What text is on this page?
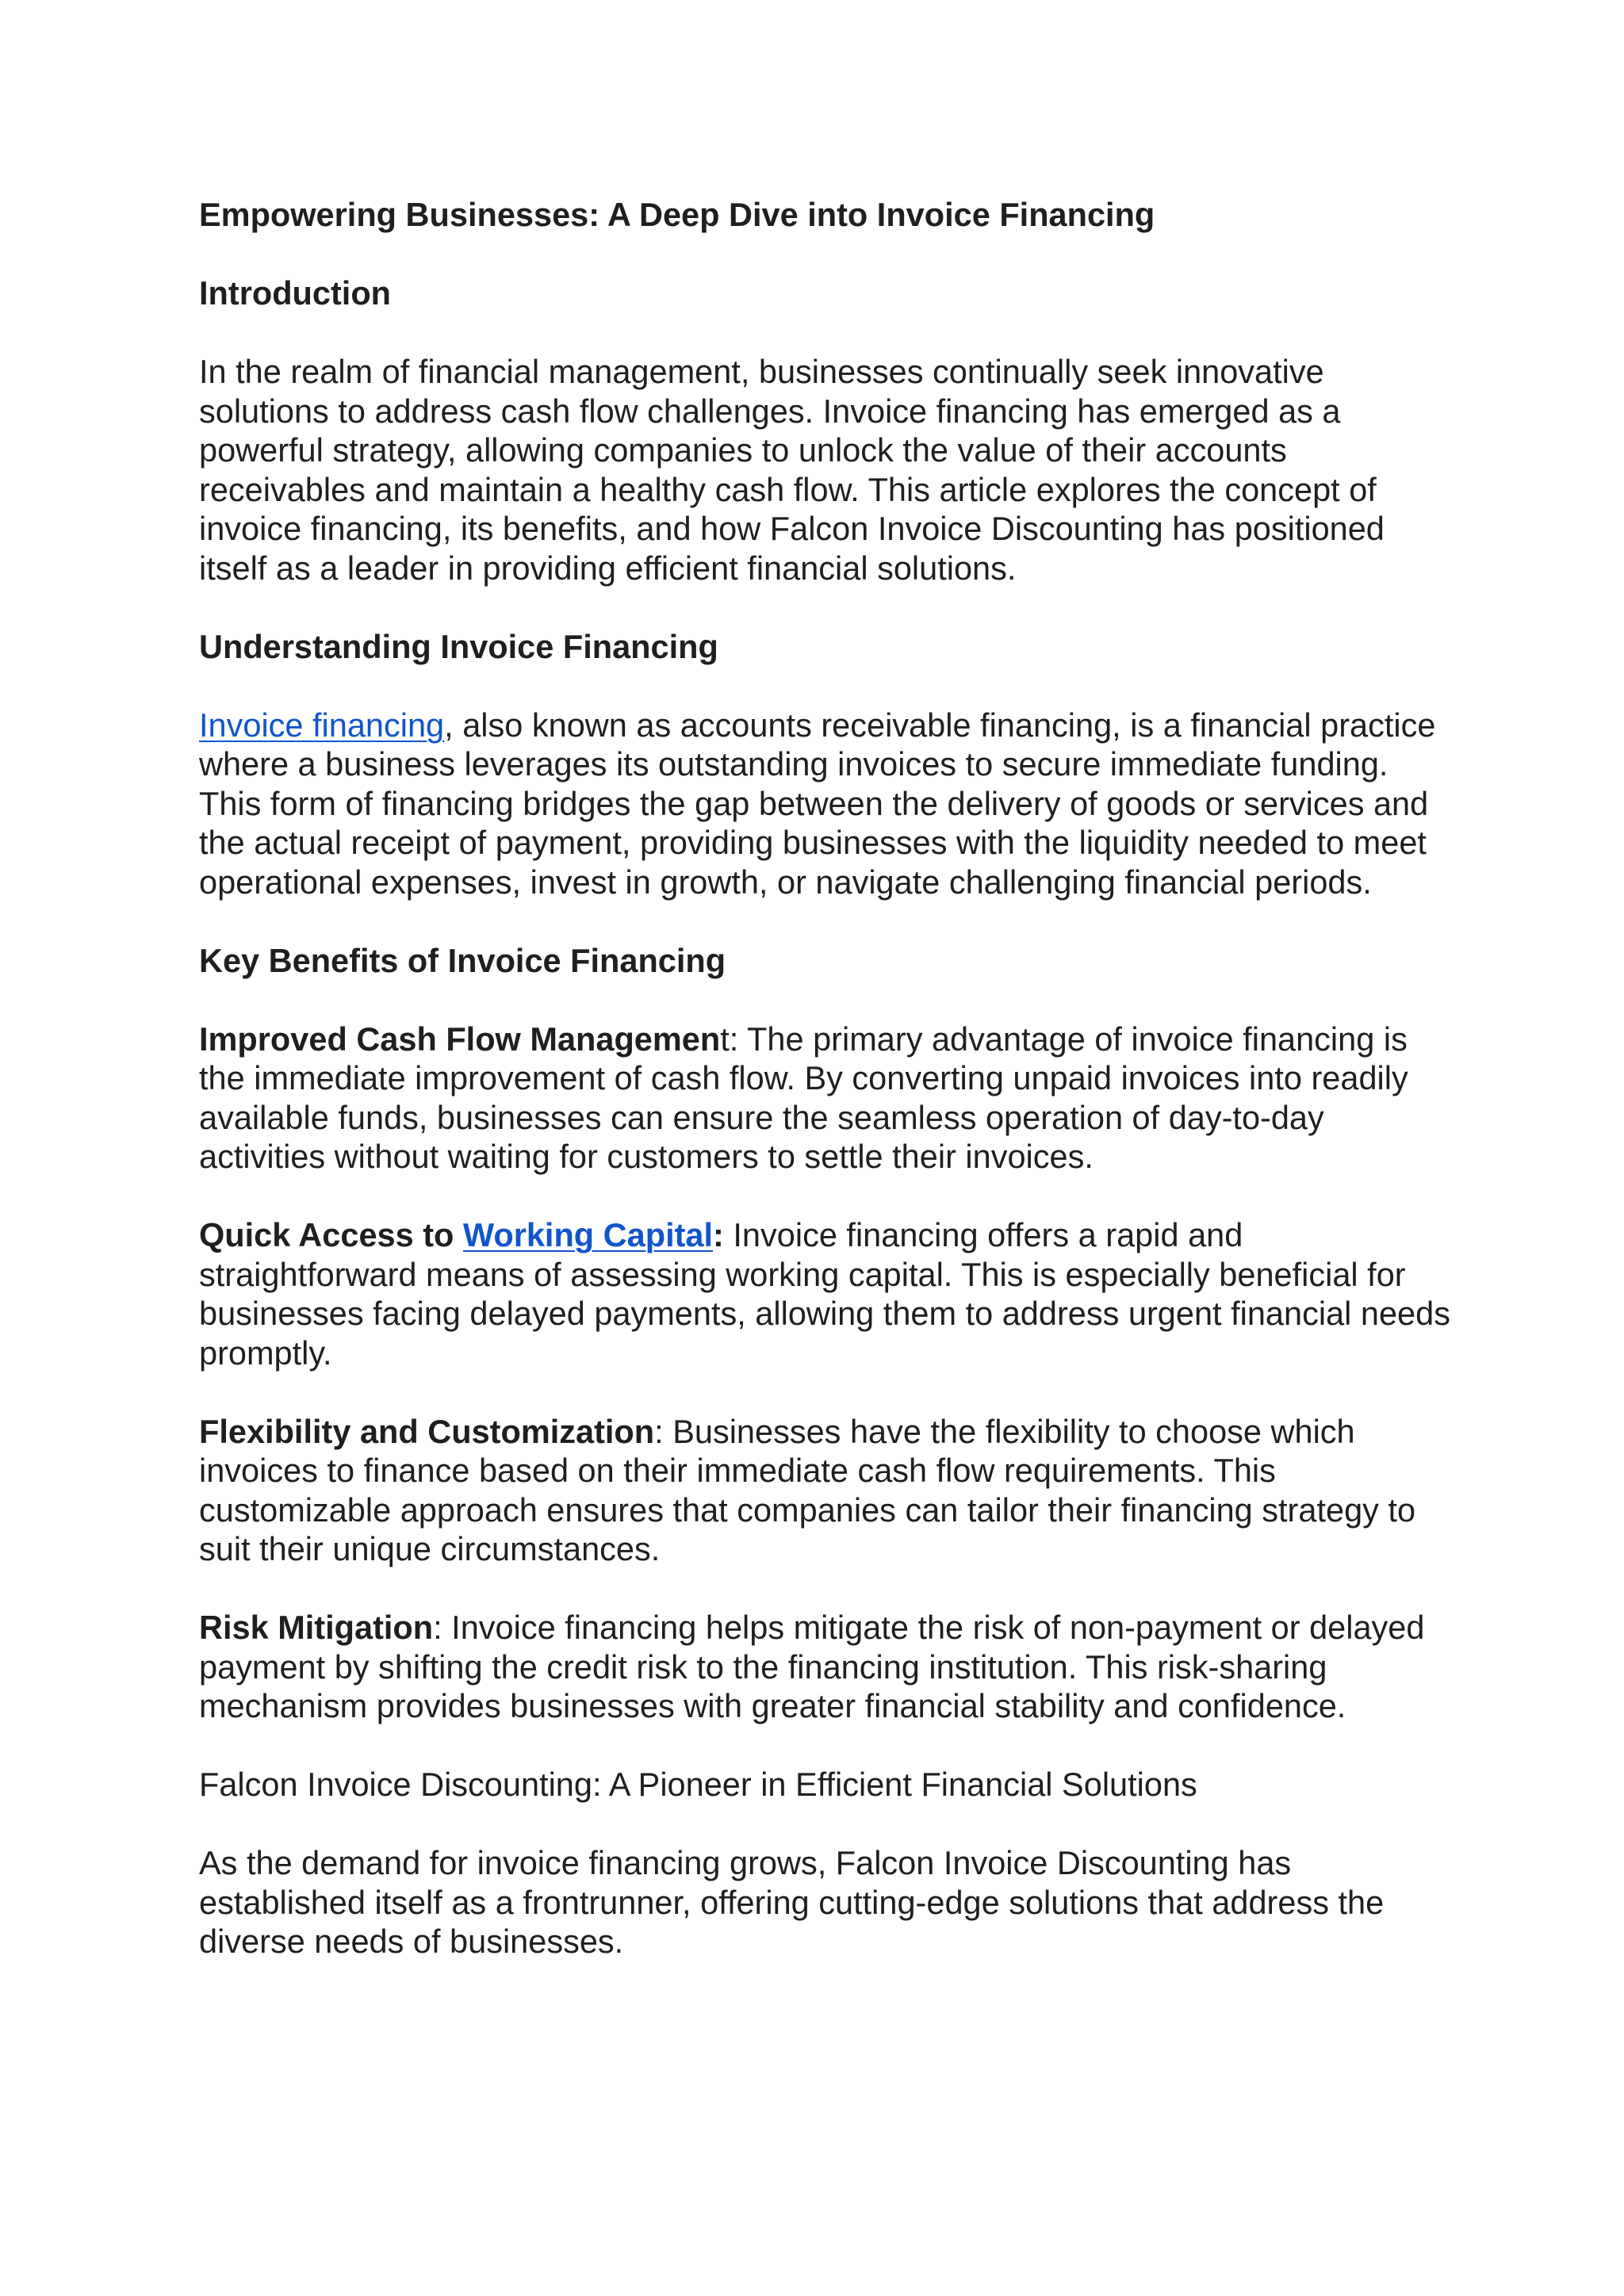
Empowering Businesses: A Deep Dive into Invoice Financing
Introduction

In the realm of financial management, businesses continually seek innovative solutions to address cash flow challenges. Invoice financing has emerged as a powerful strategy, allowing companies to unlock the value of their accounts receivables and maintain a healthy cash flow. This article explores the concept of invoice financing, its benefits, and how Falcon Invoice Discounting has positioned itself as a leader in providing efficient financial solutions.

Understanding Invoice Financing

Invoice financing, also known as accounts receivable financing, is a financial practice where a business leverages its outstanding invoices to secure immediate funding. This form of financing bridges the gap between the delivery of goods or services and the actual receipt of payment, providing businesses with the liquidity needed to meet operational expenses, invest in growth, or navigate challenging financial periods.

Key Benefits of Invoice Financing

Improved Cash Flow Management: The primary advantage of invoice financing is the immediate improvement of cash flow. By converting unpaid invoices into readily available funds, businesses can ensure the seamless operation of day-to-day activities without waiting for customers to settle their invoices.

Quick Access to Working Capital: Invoice financing offers a rapid and straightforward means of assessing working capital. This is especially beneficial for businesses facing delayed payments, allowing them to address urgent financial needs promptly.

Flexibility and Customization: Businesses have the flexibility to choose which invoices to finance based on their immediate cash flow requirements. This customizable approach ensures that companies can tailor their financing strategy to suit their unique circumstances.

Risk Mitigation: Invoice financing helps mitigate the risk of non-payment or delayed payment by shifting the credit risk to the financing institution. This risk-sharing mechanism provides businesses with greater financial stability and confidence.

Falcon Invoice Discounting: A Pioneer in Efficient Financial Solutions

As the demand for invoice financing grows, Falcon Invoice Discounting has established itself as a frontrunner, offering cutting-edge solutions that address the diverse needs of businesses.
